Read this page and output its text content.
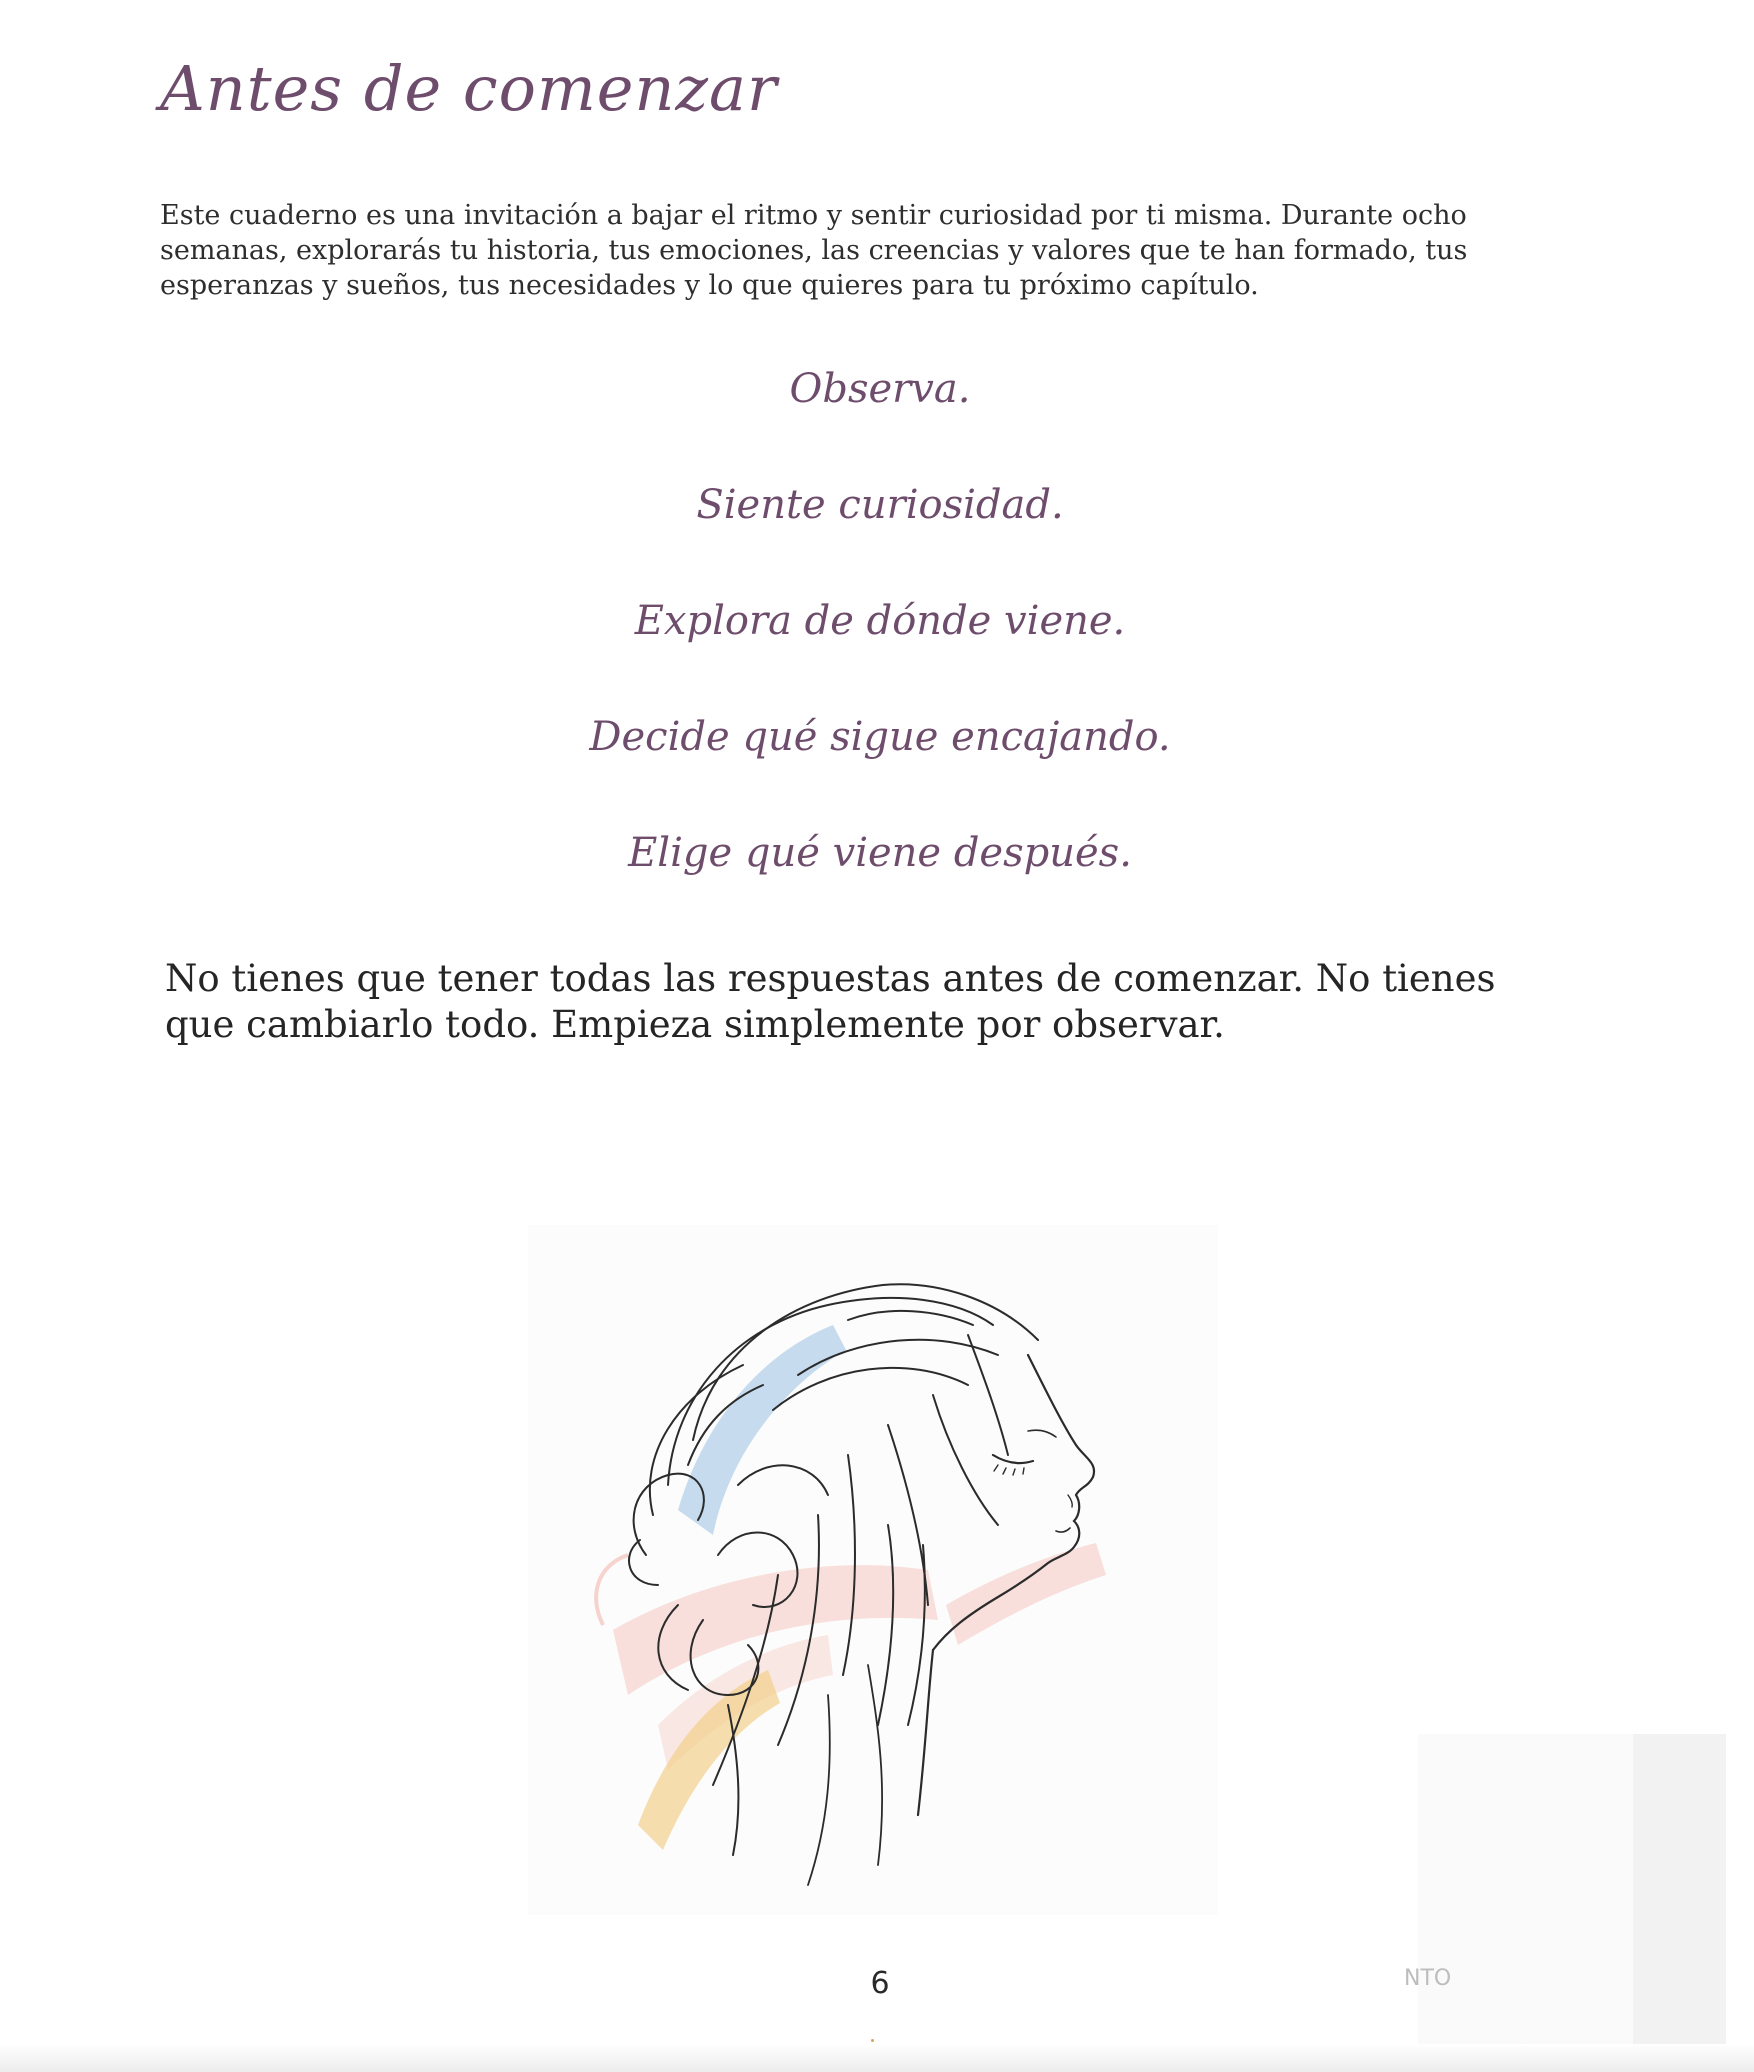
Antes de comenzar

Este cuaderno es una invitación a bajar el ritmo y sentir curiosidad por ti misma. Durante ocho semanas, explorarás tu historia, tus emociones, las creencias y valores que te han formado, tus esperanzas y sueños, tus necesidades y lo que quieres para tu próximo capítulo.

Observa.
Siente curiosidad.
Explora de dónde viene.
Decide qué sigue encajando.
Elige qué viene después.

No tienes que tener todas las respuestas antes de comenzar. No tienes que cambiarlo todo. Empieza simplemente por observar.

6	NTO
